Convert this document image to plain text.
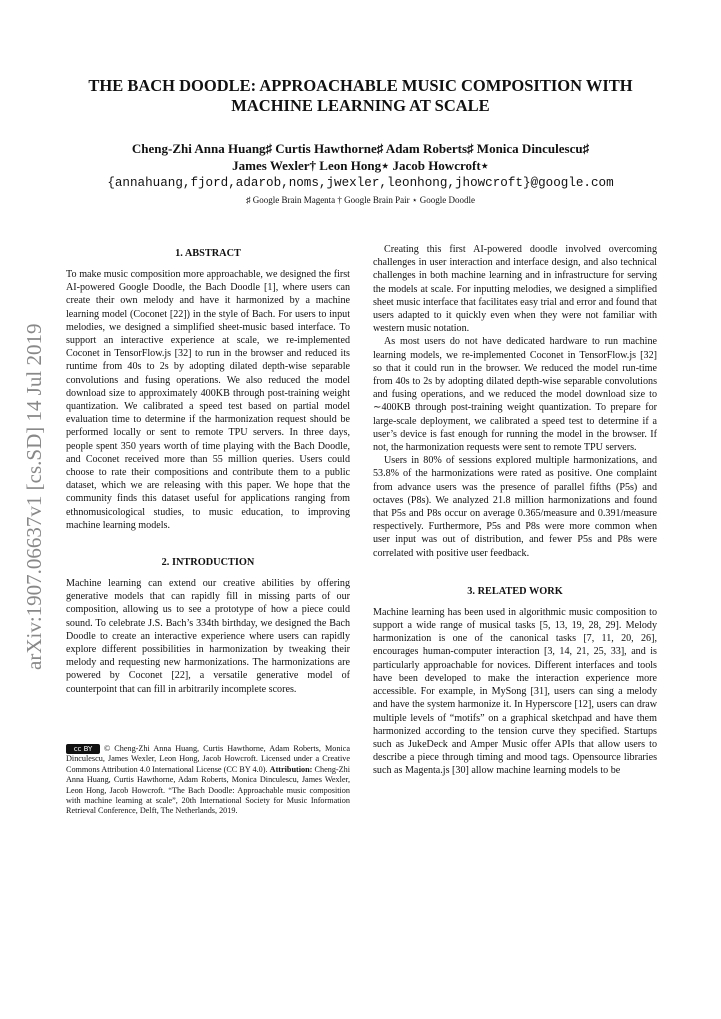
THE BACH DOODLE: APPROACHABLE MUSIC COMPOSITION WITH
MACHINE LEARNING AT SCALE
Cheng-Zhi Anna Huang♯ Curtis Hawthorne♯ Adam Roberts♯ Monica Dinculescu♯
James Wexler† Leon Hong⋆ Jacob Howcroft⋆
{annahuang,fjord,adarob,noms,jwexler,leonhong,jhowcroft}@google.com
♯ Google Brain Magenta † Google Brain Pair ⋆ Google Doodle
arXiv:1907.06637v1 [cs.SD] 14 Jul 2019
1. ABSTRACT

To make music composition more approachable, we designed the first AI-powered Google Doodle, the Bach Doodle [1], where users can create their own melody and have it harmonized by a machine learning model (Coconet [22]) in the style of Bach. For users to input melodies, we designed a simplified sheet-music based interface. To support an interactive experience at scale, we re-implemented Coconet in TensorFlow.js [32] to run in the browser and reduced its runtime from 40s to 2s by adopting dilated depth-wise separable convolutions and fusing operations. We also reduced the model download size to approximately 400KB through post-training weight quantization. We calibrated a speed test based on partial model evaluation time to determine if the harmonization request should be performed locally or sent to remote TPU servers. In three days, people spent 350 years worth of time playing with the Bach Doodle, and Coconet received more than 55 million queries. Users could choose to rate their compositions and contribute them to a public dataset, which we are releasing with this paper. We hope that the community finds this dataset useful for applications ranging from ethnomusicological studies, to music education, to improving machine learning models.

2. INTRODUCTION

Machine learning can extend our creative abilities by offering generative models that can rapidly fill in missing parts of our composition, allowing us to see a prototype of how a piece could sound. To celebrate J.S. Bach’s 334th birthday, we designed the Bach Doodle to create an interactive experience where users can rapidly explore different possibilities in harmonization by tweaking their melody and requesting new harmonizations. The harmonizations are powered by Coconet [22], a versatile generative model of counterpoint that can fill in arbitrarily incomplete scores.

cc BY © Cheng-Zhi Anna Huang, Curtis Hawthorne, Adam Roberts, Monica Dinculescu, James Wexler, Leon Hong, Jacob Howcroft. Licensed under a Creative Commons Attribution 4.0 International License (CC BY 4.0). Attribution: Cheng-Zhi Anna Huang, Curtis Hawthorne, Adam Roberts, Monica Dinculescu, James Wexler, Leon Hong, Jacob Howcroft. “The Bach Doodle: Approachable music composition with machine learning at scale”, 20th International Society for Music Information Retrieval Conference, Delft, The Netherlands, 2019.

Creating this first AI-powered doodle involved overcoming challenges in user interaction and interface design, and also technical challenges in both machine learning and in infrastructure for serving the models at scale. For inputting melodies, we designed a simplified sheet music interface that facilitates easy trial and error and found that users adapted to it quickly even when they were not familiar with western music notation.

As most users do not have dedicated hardware to run machine learning models, we re-implemented Coconet in TensorFlow.js [32] so that it could run in the browser. We reduced the model run-time from 40s to 2s by adopting dilated depth-wise separable convolutions and fusing operations, and we reduced the model download size to ∼400KB through post-training weight quantization. To prepare for large-scale deployment, we calibrated a speed test to determine if a user’s device is fast enough for running the model in the browser. If not, the harmonization requests were sent to remote TPU servers.

Users in 80% of sessions explored multiple harmonizations, and 53.8% of the harmonizations were rated as positive. One complaint from advance users was the presence of parallel fifths (P5s) and octaves (P8s). We analyzed 21.8 million harmonizations and found that P5s and P8s occur on average 0.365/measure and 0.391/measure respectively. Furthermore, P5s and P8s were more common when user input was out of distribution, and fewer P5s and P8s were correlated with positive user feedback.

3. RELATED WORK

Machine learning has been used in algorithmic music composition to support a wide range of musical tasks [5, 13, 19, 28, 29]. Melody harmonization is one of the canonical tasks [7, 11, 20, 26], encourages human-computer interaction [3, 14, 21, 25, 33], and is particularly approachable for novices. Different interfaces and tools have been developed to make the interaction experience more accessible. For example, in MySong [31], users can sing a melody and have the system harmonize it. In Hyperscore [12], users can draw multiple levels of “motifs” on a graphical sketchpad and have them harmonized according to the tension curve they specified. Startups such as JukeDeck and Amper Music offer APIs that allow users to describe a piece through timing and mood tags. Opensource libraries such as Magenta.js [30] allow machine learning models to be
